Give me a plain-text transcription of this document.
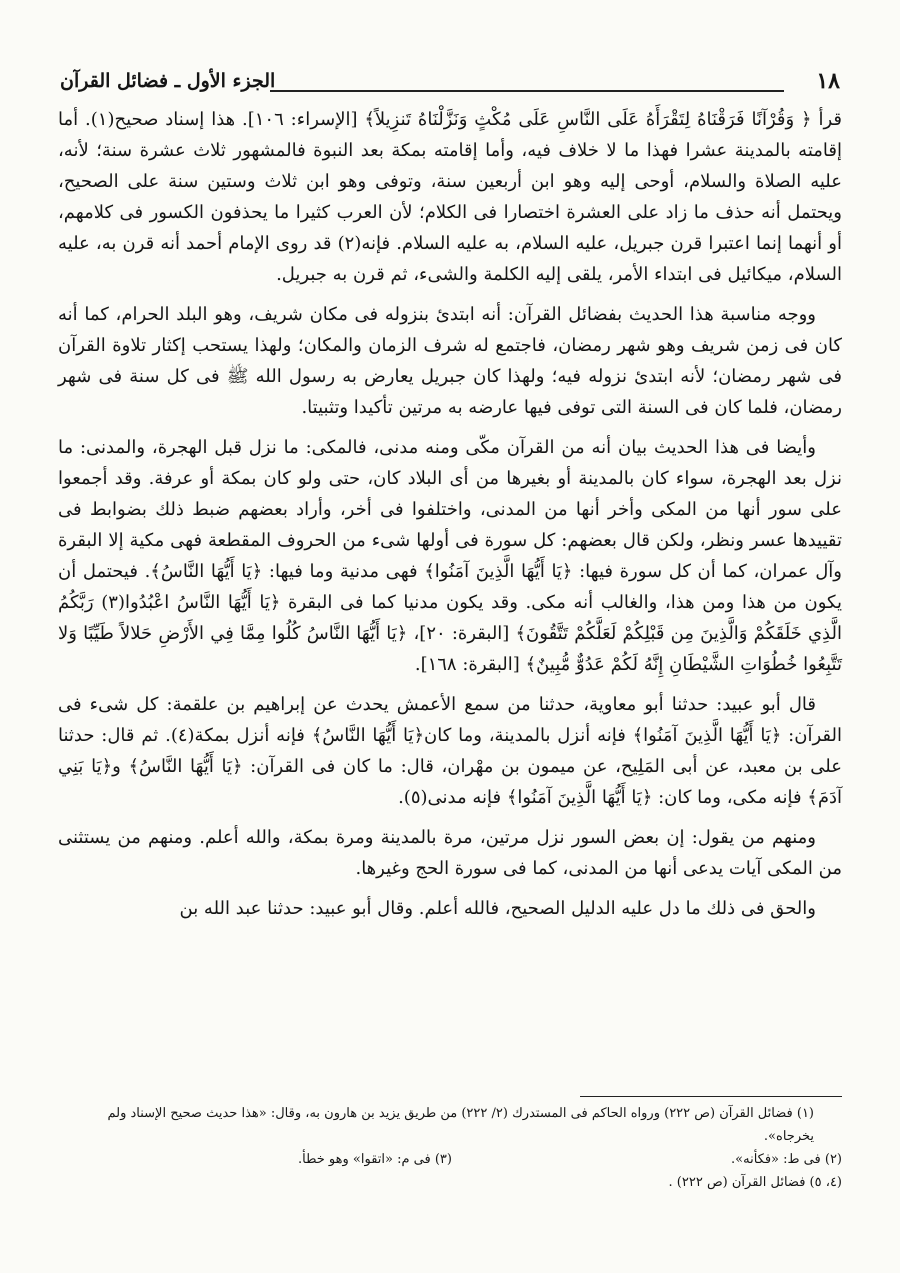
١٨
الجزء الأول ـ فضائل القرآن

قرأ ﴿ وَقُرْآنًا فَرَقْنَاهُ لِتَقْرَأَهُ عَلَى النَّاسِ عَلَى مُكْثٍ وَنَزَّلْنَاهُ تَنزِيلاً﴾ [الإسراء: ١٠٦]. هذا إسناد صحيح(١). أما إقامته بالمدينة عشرا فهذا ما لا خلاف فيه، وأما إقامته بمكة بعد النبوة فالمشهور ثلاث عشرة سنة؛ لأنه، عليه الصلاة والسلام، أوحى إليه وهو ابن أربعين سنة، وتوفى وهو ابن ثلاث وستين سنة على الصحيح، ويحتمل أنه حذف ما زاد على العشرة اختصارا فى الكلام؛ لأن العرب كثيرا ما يحذفون الكسور فى كلامهم، أو أنهما إنما اعتبرا قرن جبريل، عليه السلام، به عليه السلام. فإنه(٢) قد روى الإمام أحمد أنه قرن به، عليه السلام، ميكائيل فى ابتداء الأمر، يلقى إليه الكلمة والشىء، ثم قرن به جبريل.

ووجه مناسبة هذا الحديث بفضائل القرآن: أنه ابتدئ بنزوله فى مكان شريف، وهو البلد الحرام، كما أنه كان فى زمن شريف وهو شهر رمضان، فاجتمع له شرف الزمان والمكان؛ ولهذا يستحب إكثار تلاوة القرآن فى شهر رمضان؛ لأنه ابتدئ نزوله فيه؛ ولهذا كان جبريل يعارض به رسول الله ﷺ فى كل سنة فى شهر رمضان، فلما كان فى السنة التى توفى فيها عارضه به مرتين تأكيدا وتثبيتا.

وأيضا فى هذا الحديث بيان أنه من القرآن مكّى ومنه مدنى، فالمكى: ما نزل قبل الهجرة، والمدنى: ما نزل بعد الهجرة، سواء كان بالمدينة أو بغيرها من أى البلاد كان، حتى ولو كان بمكة أو عرفة. وقد أجمعوا على سور أنها من المكى وأخر أنها من المدنى، واختلفوا فى أخر، وأراد بعضهم ضبط ذلك بضوابط فى تقييدها عسر ونظر، ولكن قال بعضهم: كل سورة فى أولها شىء من الحروف المقطعة فهى مكية إلا البقرة وآل عمران، كما أن كل سورة فيها: ﴿يَا أَيُّهَا الَّذِينَ آمَنُوا﴾ فهى مدنية وما فيها: ﴿يَا أَيُّهَا النَّاسُ﴾. فيحتمل أن يكون من هذا ومن هذا، والغالب أنه مكى. وقد يكون مدنيا كما فى البقرة ﴿يَا أَيُّهَا النَّاسُ اعْبُدُوا(٣) رَبَّكُمُ الَّذِي خَلَقَكُمْ وَالَّذِينَ مِن قَبْلِكُمْ لَعَلَّكُمْ تَتَّقُونَ﴾ [البقرة: ٢٠]، ﴿يَا أَيُّهَا النَّاسُ كُلُوا مِمَّا فِي الأَرْضِ حَلالاً طَيِّبًا وَلا تَتَّبِعُوا خُطُوَاتِ الشَّيْطَانِ إِنَّهُ لَكُمْ عَدُوٌّ مُّبِينٌ﴾ [البقرة: ١٦٨].

قال أبو عبيد: حدثنا أبو معاوية، حدثنا من سمع الأعمش يحدث عن إبراهيم بن علقمة: كل شىء فى القرآن: ﴿يَا أَيُّهَا الَّذِينَ آمَنُوا﴾ فإنه أنزل بالمدينة، وما كان﴿يَا أَيُّهَا النَّاسُ﴾ فإنه أنزل بمكة(٤). ثم قال: حدثنا على بن معبد، عن أبى المَلِيح، عن ميمون بن مهْران، قال: ما كان فى القرآن: ﴿يَا أَيُّهَا النَّاسُ﴾ و﴿يَا بَنِي آدَمَ﴾ فإنه مكى، وما كان: ﴿يَا أَيُّهَا الَّذِينَ آمَنُوا﴾ فإنه مدنى(٥).

ومنهم من يقول: إن بعض السور نزل مرتين، مرة بالمدينة ومرة بمكة، والله أعلم. ومنهم من يستثنى من المكى آيات يدعى أنها من المدنى، كما فى سورة الحج وغيرها.

والحق فى ذلك ما دل عليه الدليل الصحيح، فالله أعلم. وقال أبو عبيد: حدثنا عبد الله بن

(١) فضائل القرآن (ص ٢٢٢) ورواه الحاكم فى المستدرك (٢/ ٢٢٢) من طريق يزيد بن هارون به، وقال: «هذا حديث صحيح الإسناد ولم يخرجاه».
(٢) فى ط: «فكأنه».
(٣) فى م: «اتقوا» وهو خطأ.
(٤، ٥) فضائل القرآن (ص ٢٢٢) .
